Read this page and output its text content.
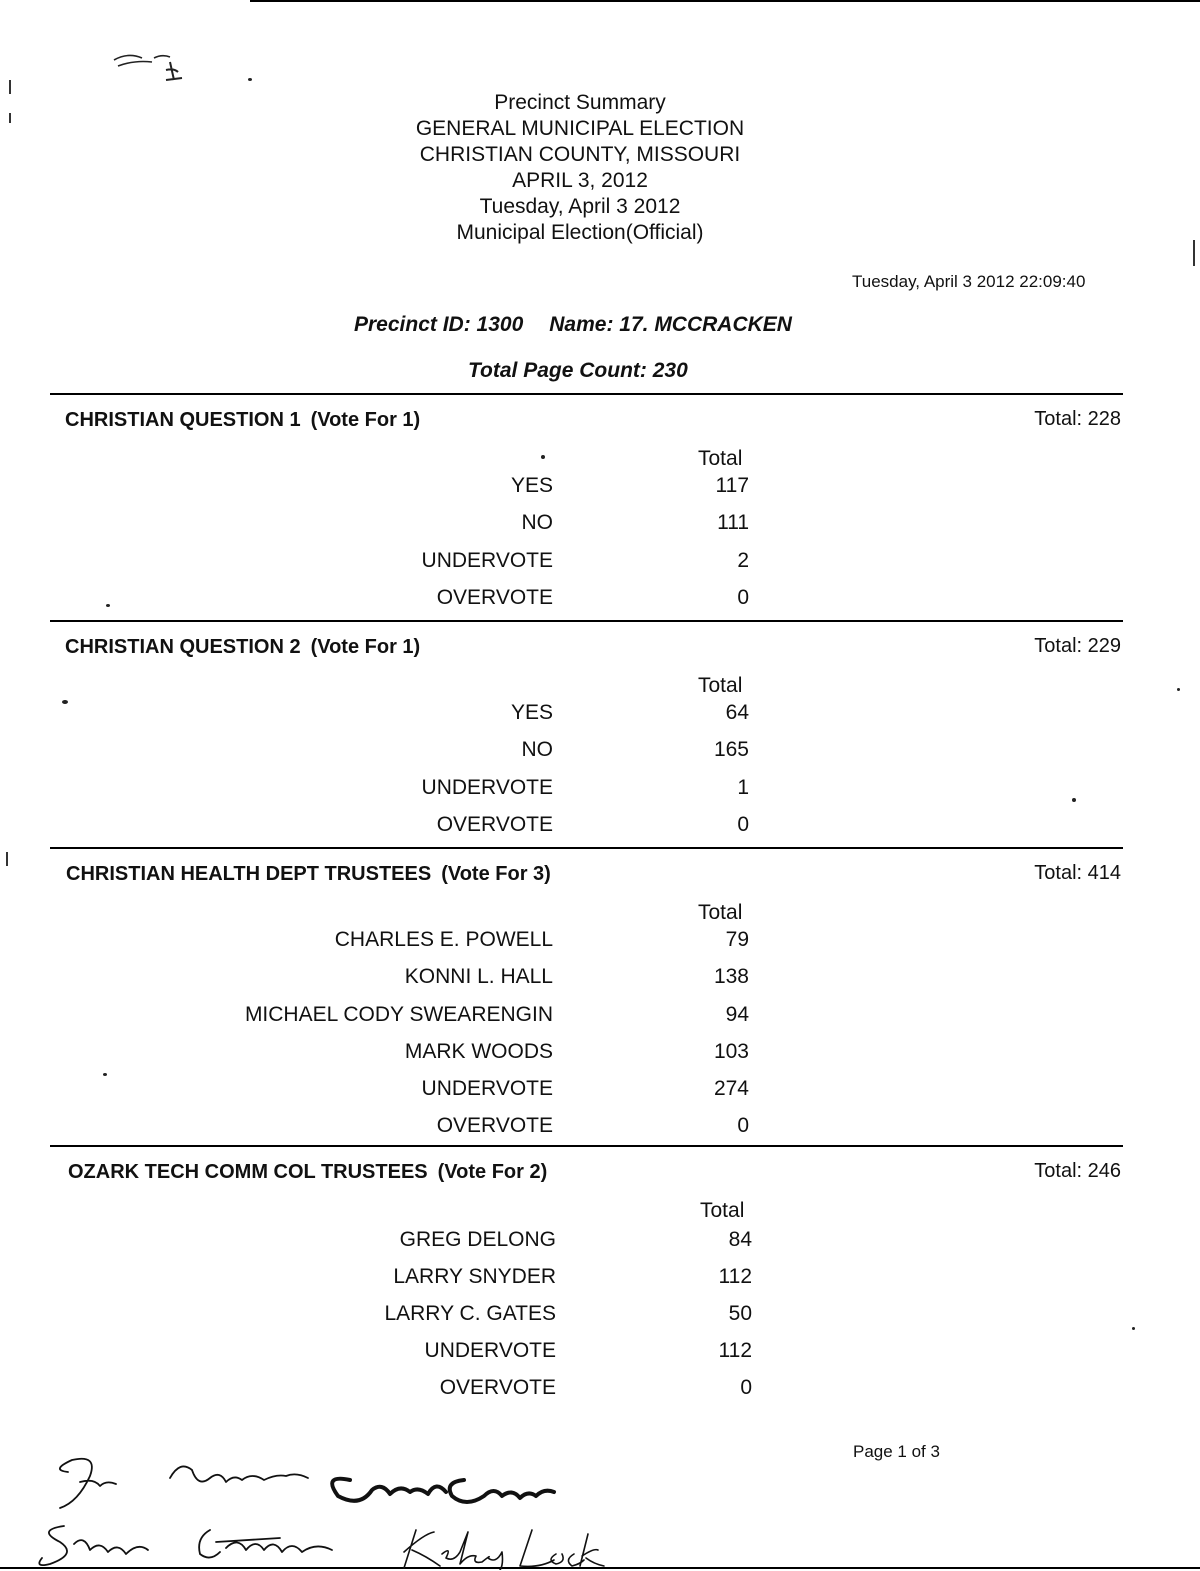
Precinct Summary
GENERAL MUNICIPAL ELECTION
CHRISTIAN COUNTY, MISSOURI
APRIL 3, 2012
Tuesday, April 3 2012
Municipal Election(Official)
Tuesday, April 3 2012 22:09:40
Precinct ID: 1300 Name: 17. MCCRACKEN
Total Page Count: 230
CHRISTIAN QUESTION 1 (Vote For 1)	Total: 228
Total
YES	117
NO	111
UNDERVOTE	2
OVERVOTE	0
CHRISTIAN QUESTION 2 (Vote For 1)	Total: 229
Total
YES	64
NO	165
UNDERVOTE	1
OVERVOTE	0
CHRISTIAN HEALTH DEPT TRUSTEES (Vote For 3)	Total: 414
Total
CHARLES E. POWELL	79
KONNI L. HALL	138
MICHAEL CODY SWEARENGIN	94
MARK WOODS	103
UNDERVOTE	274
OVERVOTE	0
OZARK TECH COMM COL TRUSTEES (Vote For 2)	Total: 246
Total
GREG DELONG	84
LARRY SNYDER	112
LARRY C. GATES	50
UNDERVOTE	112
OVERVOTE	0
Page 1 of 3
